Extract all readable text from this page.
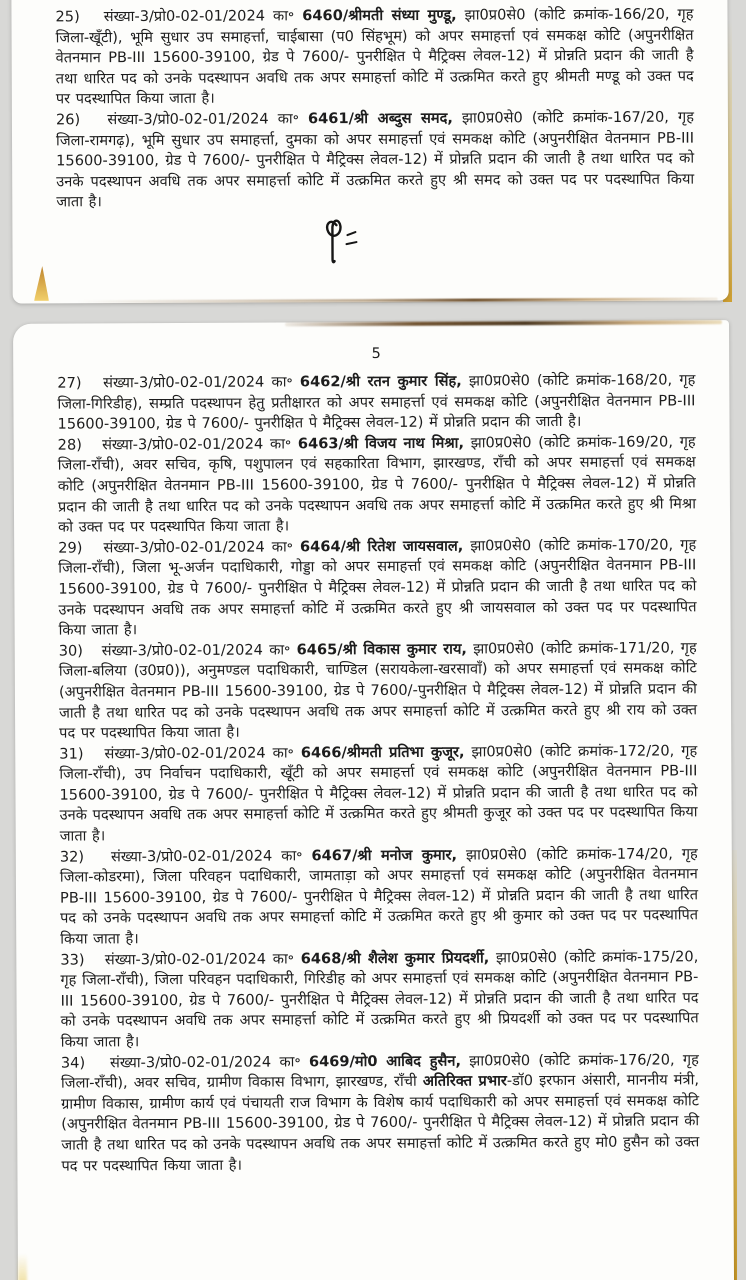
25)   संख्या-3/प्रो0-02-01/2024 का॰ 6460/श्रीमती संध्या मुण्डू, झा0प्र0से0 (कोटि क्रमांक-166/20, गृह जिला-खूँटी), भूमि सुधार उप समाहर्त्ता, चाईबासा (प0 सिंहभूम) को अपर समाहर्त्ता एवं समकक्ष कोटि (अपुनरीक्षित वेतनमान PB-III 15600-39100, ग्रेड पे 7600/- पुनरीक्षित पे मैट्रिक्स लेवल-12) में प्रोन्नति प्रदान की जाती है तथा धारित पद को उनके पदस्थापन अवधि तक अपर समाहर्त्ता कोटि में उत्क्रमित करते हुए श्रीमती मण्डू को उक्त पद पर पदस्थापित किया जाता है।

26)   संख्या-3/प्रो0-02-01/2024 का॰ 6461/श्री अब्दुस समद, झा0प्र0से0 (कोटि क्रमांक-167/20, गृह जिला-रामगढ़), भूमि सुधार उप समाहर्त्ता, दुमका को अपर समाहर्त्ता एवं समकक्ष कोटि (अपुनरीक्षित वेतनमान PB-III 15600-39100, ग्रेड पे 7600/- पुनरीक्षित पे मैट्रिक्स लेवल-12) में प्रोन्नति प्रदान की जाती है तथा धारित पद को उनके पदस्थापन अवधि तक अपर समाहर्त्ता कोटि में उत्क्रमित करते हुए श्री समद को उक्त पद पर पदस्थापित किया जाता है।

5

27)   संख्या-3/प्रो0-02-01/2024 का॰ 6462/श्री रतन कुमार सिंह, झा0प्र0से0 (कोटि क्रमांक-168/20, गृह जिला-गिरिडीह), सम्प्रति पदस्थापन हेतु प्रतीक्षारत को अपर समाहर्त्ता एवं समकक्ष कोटि (अपुनरीक्षित वेतनमान PB-III 15600-39100, ग्रेड पे 7600/- पुनरीक्षित पे मैट्रिक्स लेवल-12) में प्रोन्नति प्रदान की जाती है।

28)   संख्या-3/प्रो0-02-01/2024 का॰ 6463/श्री विजय नाथ मिश्रा, झा0प्र0से0 (कोटि क्रमांक-169/20, गृह जिला-राँची), अवर सचिव, कृषि, पशुपालन एवं सहकारिता विभाग, झारखण्ड, राँची को अपर समाहर्त्ता एवं समकक्ष कोटि (अपुनरीक्षित वेतनमान PB-III 15600-39100, ग्रेड पे 7600/- पुनरीक्षित पे मैट्रिक्स लेवल-12) में प्रोन्नति प्रदान की जाती है तथा धारित पद को उनके पदस्थापन अवधि तक अपर समाहर्त्ता कोटि में उत्क्रमित करते हुए श्री मिश्रा को उक्त पद पर पदस्थापित किया जाता है।

29)   संख्या-3/प्रो0-02-01/2024 का॰ 6464/श्री रितेश जायसवाल, झा0प्र0से0 (कोटि क्रमांक-170/20, गृह जिला-राँची), जिला भू-अर्जन पदाधिकारी, गोड्डा को अपर समाहर्त्ता एवं समकक्ष कोटि (अपुनरीक्षित वेतनमान PB-III 15600-39100, ग्रेड पे 7600/- पुनरीक्षित पे मैट्रिक्स लेवल-12) में प्रोन्नति प्रदान की जाती है तथा धारित पद को उनके पदस्थापन अवधि तक अपर समाहर्त्ता कोटि में उत्क्रमित करते हुए श्री जायसवाल को उक्त पद पर पदस्थापित किया जाता है।

30)   संख्या-3/प्रो0-02-01/2024 का॰ 6465/श्री विकास कुमार राय, झा0प्र0से0 (कोटि क्रमांक-171/20, गृह जिला-बलिया (उ0प्र0)), अनुमण्डल पदाधिकारी, चाण्डिल (सरायकेला-खरसावाँ) को अपर समाहर्त्ता एवं समकक्ष कोटि (अपुनरीक्षित वेतनमान PB-III 15600-39100, ग्रेड पे 7600/-पुनरीक्षित पे मैट्रिक्स लेवल-12) में प्रोन्नति प्रदान की जाती है तथा धारित पद को उनके पदस्थापन अवधि तक अपर समाहर्त्ता कोटि में उत्क्रमित करते हुए श्री राय को उक्त पद पर पदस्थापित किया जाता है।

31)   संख्या-3/प्रो0-02-01/2024 का॰ 6466/श्रीमती प्रतिभा कुजूर, झा0प्र0से0 (कोटि क्रमांक-172/20, गृह जिला-राँची), उप निर्वाचन पदाधिकारी, खूँटी को अपर समाहर्त्ता एवं समकक्ष कोटि (अपुनरीक्षित वेतनमान PB-III 15600-39100, ग्रेड पे 7600/- पुनरीक्षित पे मैट्रिक्स लेवल-12) में प्रोन्नति प्रदान की जाती है तथा धारित पद को उनके पदस्थापन अवधि तक अपर समाहर्त्ता कोटि में उत्क्रमित करते हुए श्रीमती कुजूर को उक्त पद पर पदस्थापित किया जाता है।

32)   संख्या-3/प्रो0-02-01/2024 का॰ 6467/श्री मनोज कुमार, झा0प्र0से0 (कोटि क्रमांक-174/20, गृह जिला-कोडरमा), जिला परिवहन पदाधिकारी, जामताड़ा को अपर समाहर्त्ता एवं समकक्ष कोटि (अपुनरीक्षित वेतनमान PB-III 15600-39100, ग्रेड पे 7600/- पुनरीक्षित पे मैट्रिक्स लेवल-12) में प्रोन्नति प्रदान की जाती है तथा धारित पद को उनके पदस्थापन अवधि तक अपर समाहर्त्ता कोटि में उत्क्रमित करते हुए श्री कुमार को उक्त पद पर पदस्थापित किया जाता है।

33)   संख्या-3/प्रो0-02-01/2024 का॰ 6468/श्री शैलेश कुमार प्रियदर्शी, झा0प्र0से0 (कोटि क्रमांक-175/20, गृह जिला-राँची), जिला परिवहन पदाधिकारी, गिरिडीह को अपर समाहर्त्ता एवं समकक्ष कोटि (अपुनरीक्षित वेतनमान PB-III 15600-39100, ग्रेड पे 7600/- पुनरीक्षित पे मैट्रिक्स लेवल-12) में प्रोन्नति प्रदान की जाती है तथा धारित पद को उनके पदस्थापन अवधि तक अपर समाहर्त्ता कोटि में उत्क्रमित करते हुए श्री प्रियदर्शी को उक्त पद पर पदस्थापित किया जाता है।

34)   संख्या-3/प्रो0-02-01/2024 का॰ 6469/मो0 आबिद हुसैन, झा0प्र0से0 (कोटि क्रमांक-176/20, गृह जिला-राँची), अवर सचिव, ग्रामीण विकास विभाग, झारखण्ड, राँची अतिरिक्त प्रभार-डॉ0 इरफान अंसारी, माननीय मंत्री, ग्रामीण विकास, ग्रामीण कार्य एवं पंचायती राज विभाग के विशेष कार्य पदाधिकारी को अपर समाहर्त्ता एवं समकक्ष कोटि (अपुनरीक्षित वेतनमान PB-III 15600-39100, ग्रेड पे 7600/- पुनरीक्षित पे मैट्रिक्स लेवल-12) में प्रोन्नति प्रदान की जाती है तथा धारित पद को उनके पदस्थापन अवधि तक अपर समाहर्त्ता कोटि में उत्क्रमित करते हुए मो0 हुसैन को उक्त पद पर पदस्थापित किया जाता है।
